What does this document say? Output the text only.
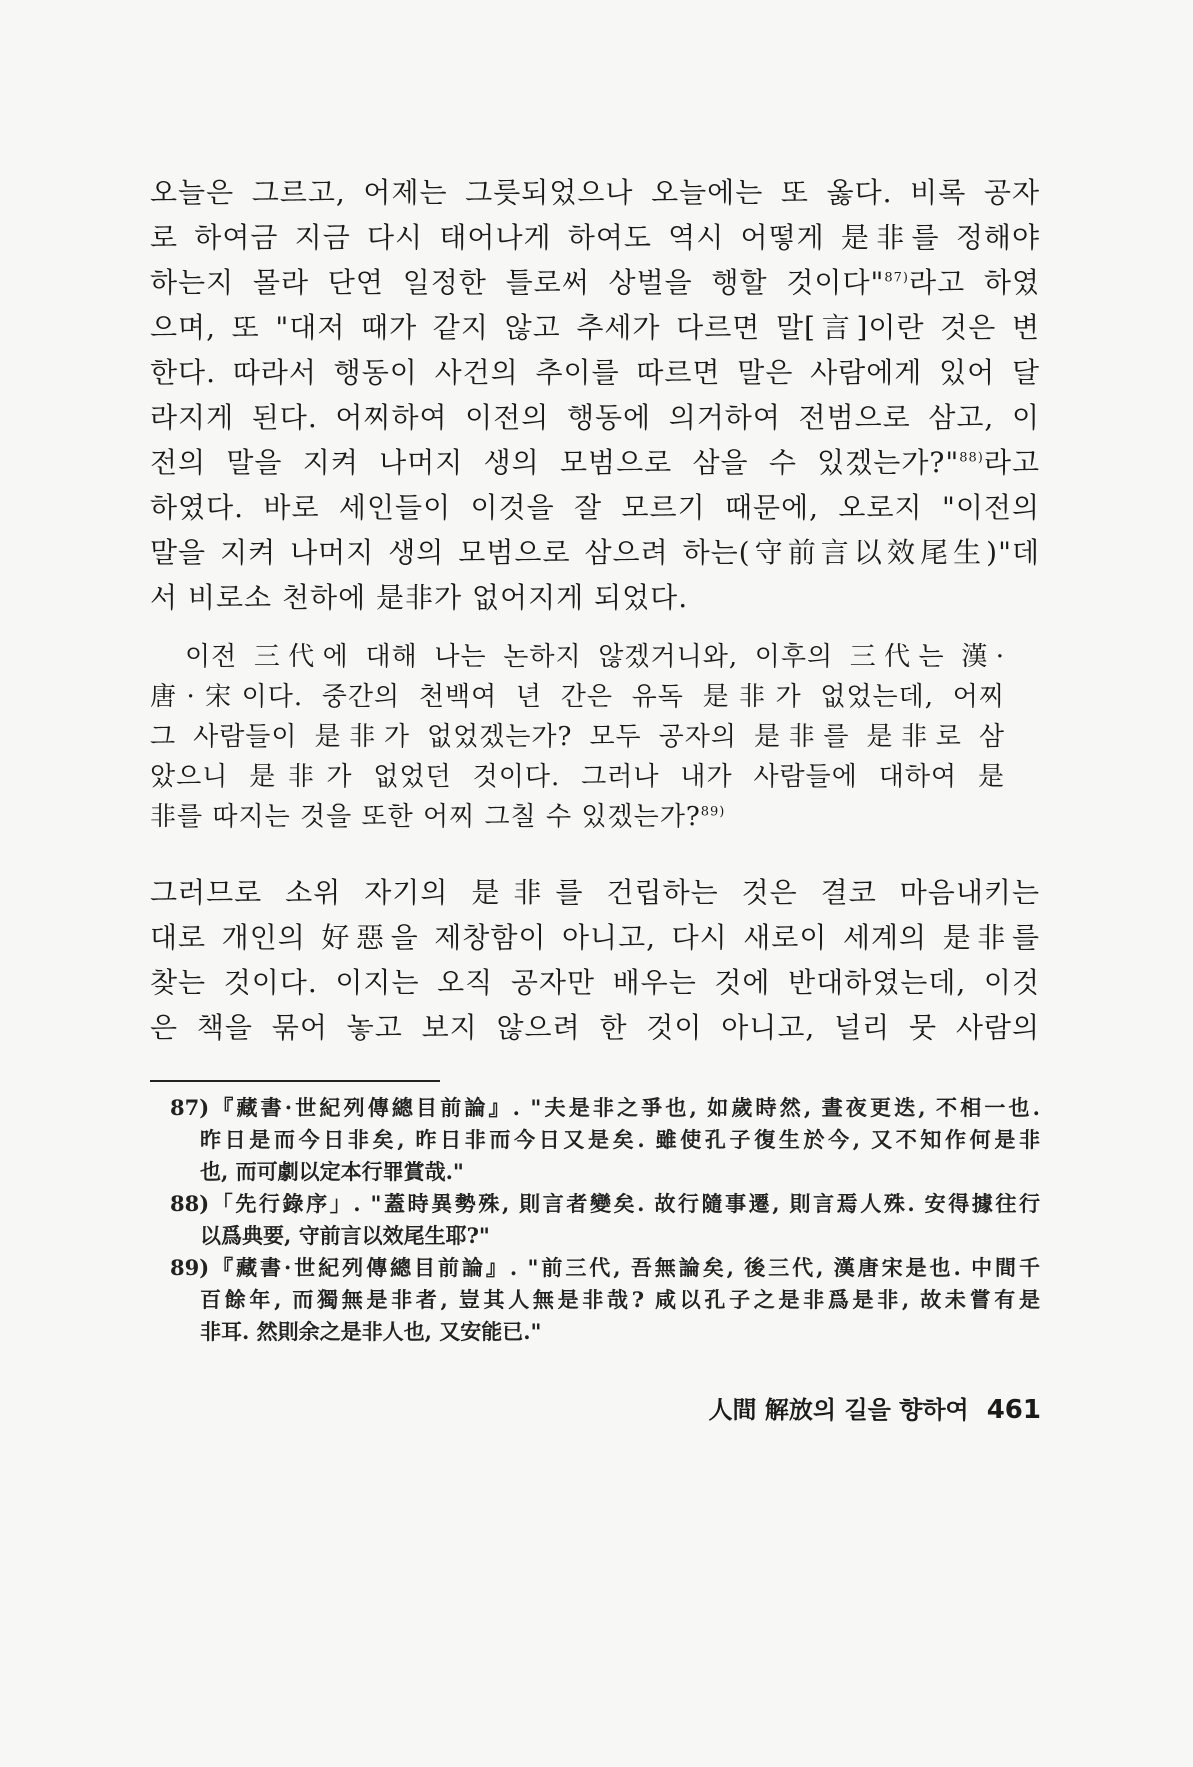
오늘은 그르고, 어제는 그릇되었으나 오늘에는 또 옳다. 비록 공자
로 하여금 지금 다시 태어나게 하여도 역시 어떻게 是非를 정해야
하는지 몰라 단연 일정한 틀로써 상벌을 행할 것이다"$^{87)}$라고 하였
으며, 또 "대저 때가 같지 않고 추세가 다르면 말[言]이란 것은 변
한다. 따라서 행동이 사건의 추이를 따르면 말은 사람에게 있어 달
라지게 된다. 어찌하여 이전의 행동에 의거하여 전범으로 삼고, 이
전의 말을 지켜 나머지 생의 모범으로 삼을 수 있겠는가?"$^{88)}$라고
하였다. 바로 세인들이 이것을 잘 모르기 때문에, 오로지 "이전의
말을 지켜 나머지 생의 모범으로 삼으려 하는(守前言以效尾生)"데
서 비로소 천하에 是非가 없어지게 되었다.
이전 三代에 대해 나는 논하지 않겠거니와, 이후의 三代는 漢·
唐·宋이다. 중간의 천백여 년 간은 유독 是非가 없었는데, 어찌
그 사람들이 是非가 없었겠는가? 모두 공자의 是非를 是非로 삼
았으니 是非가 없었던 것이다. 그러나 내가 사람들에 대하여 是
非를 따지는 것을 또한 어찌 그칠 수 있겠는가?$^{89)}$
그러므로 소위 자기의 是非를 건립하는 것은 결코 마음내키는
대로 개인의 好惡을 제창함이 아니고, 다시 새로이 세계의 是非를
찾는 것이다. 이지는 오직 공자만 배우는 것에 반대하였는데, 이것
은 책을 묶어 놓고 보지 않으려 한 것이 아니고, 널리 뭇 사람의
87)『藏書·世紀列傳總目前論』. "夫是非之爭也, 如歲時然, 晝夜更迭, 不相一也.
昨日是而今日非矣, 昨日非而今日又是矣. 雖使孔子復生於今, 又不知作何是非
也, 而可劇以定本行罪賞哉."
88)「先行錄序」. "蓋時異勢殊, 則言者變矣. 故行隨事遷, 則言焉人殊. 安得據往行
以爲典要, 守前言以效尾生耶?"
89)『藏書·世紀列傳總目前論』. "前三代, 吾無論矣, 後三代, 漢唐宋是也. 中間千
百餘年, 而獨無是非者, 豈其人無是非哉? 咸以孔子之是非爲是非, 故未嘗有是
非耳. 然則余之是非人也, 又安能已."
人間 解放의 길을 향하여 461
